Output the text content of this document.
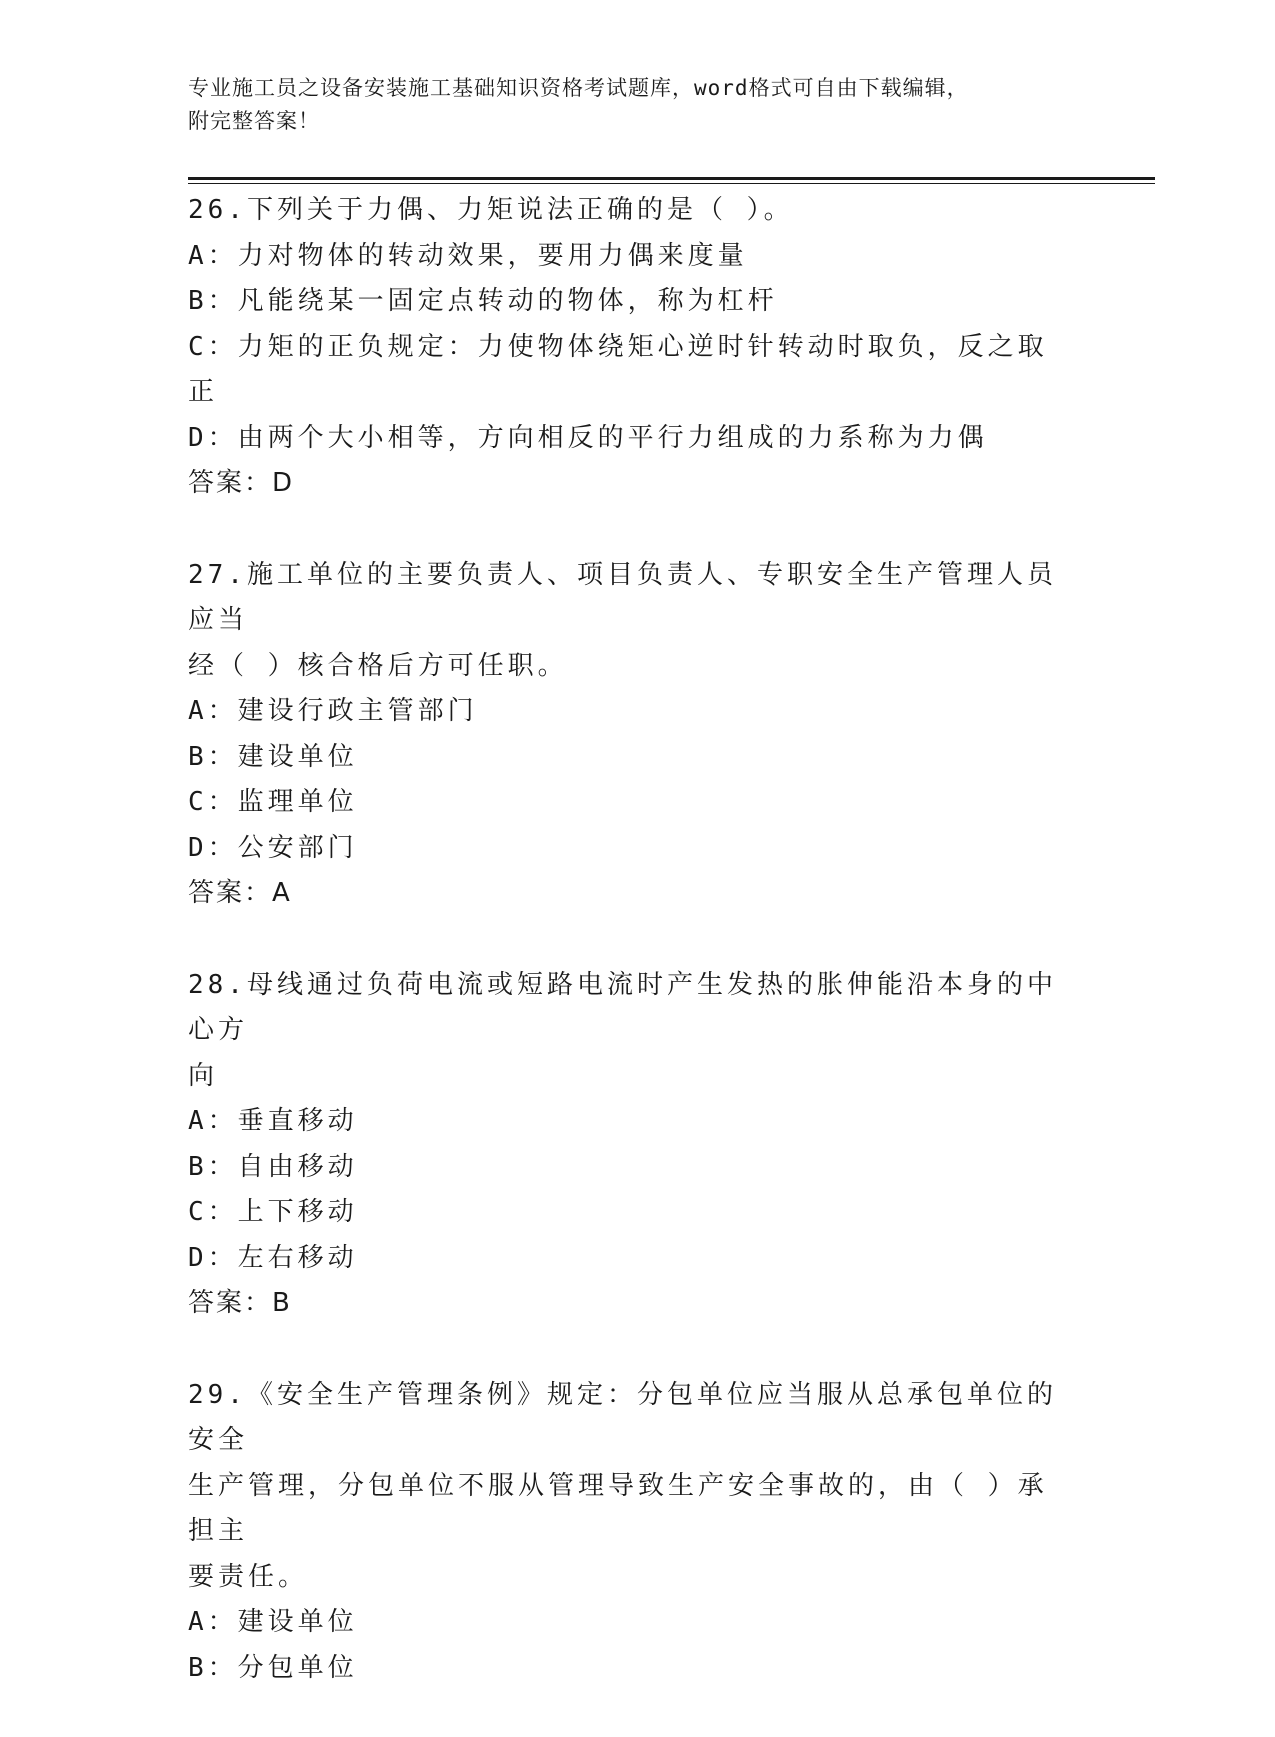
专业施工员之设备安装施工基础知识资格考试题库，word格式可自由下载编辑，
附完整答案！
26.下列关于力偶、力矩说法正确的是（ ）。
A：力对物体的转动效果，要用力偶来度量
B：凡能绕某一固定点转动的物体，称为杠杆
C：力矩的正负规定：力使物体绕矩心逆时针转动时取负，反之取正
D：由两个大小相等，方向相反的平行力组成的力系称为力偶
答案：D
27.施工单位的主要负责人、项目负责人、专职安全生产管理人员应当
经（ ）核合格后方可任职。
A：建设行政主管部门
B：建设单位
C：监理单位
D：公安部门
答案：A
28.母线通过负荷电流或短路电流时产生发热的胀伸能沿本身的中心方
向
A：垂直移动
B：自由移动
C：上下移动
D：左右移动
答案：B
29.《安全生产管理条例》规定：分包单位应当服从总承包单位的安全
生产管理，分包单位不服从管理导致生产安全事故的，由（ ）承担主
要责任。
A：建设单位
B：分包单位
